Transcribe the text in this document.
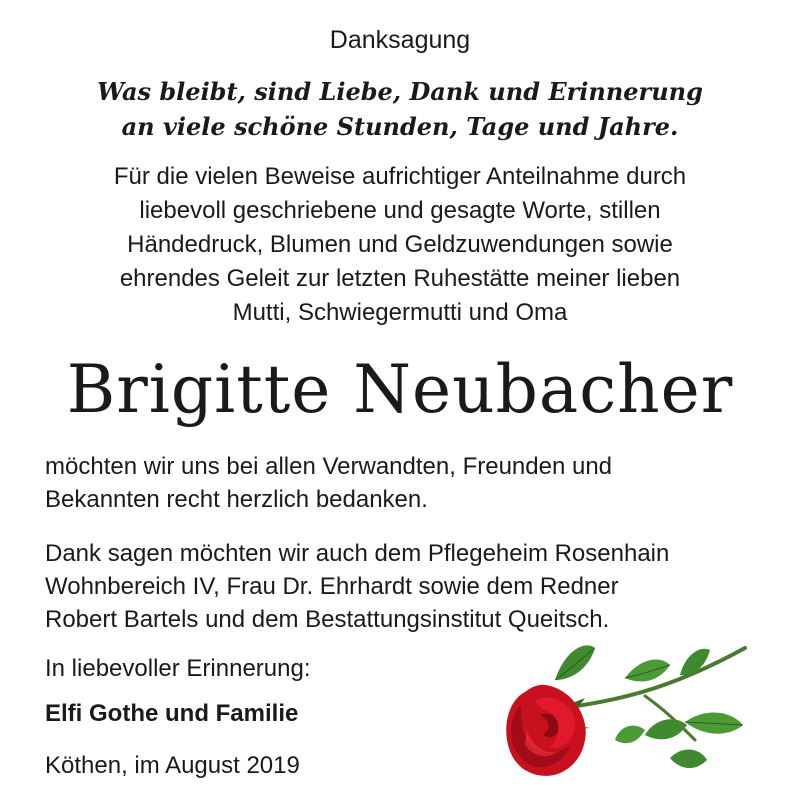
Danksagung
Was bleibt, sind Liebe, Dank und Erinnerung
an viele schöne Stunden, Tage und Jahre.
Für die vielen Beweise aufrichtiger Anteilnahme durch
liebevoll geschriebene und gesagte Worte, stillen
Händedruck, Blumen und Geldzuwendungen sowie
ehrendes Geleit zur letzten Ruhestätte meiner lieben
Mutti, Schwiegermutti und Oma
Brigitte Neubacher
möchten wir uns bei allen Verwandten, Freunden und
Bekannten recht herzlich bedanken.
Dank sagen möchten wir auch dem Pflegeheim Rosenhain
Wohnbereich IV, Frau Dr. Ehrhardt sowie dem Redner
Robert Bartels und dem Bestattungsinstitut Queitsch.
In liebevoller Erinnerung:
Elfi Gothe und Familie
Köthen, im August 2019
